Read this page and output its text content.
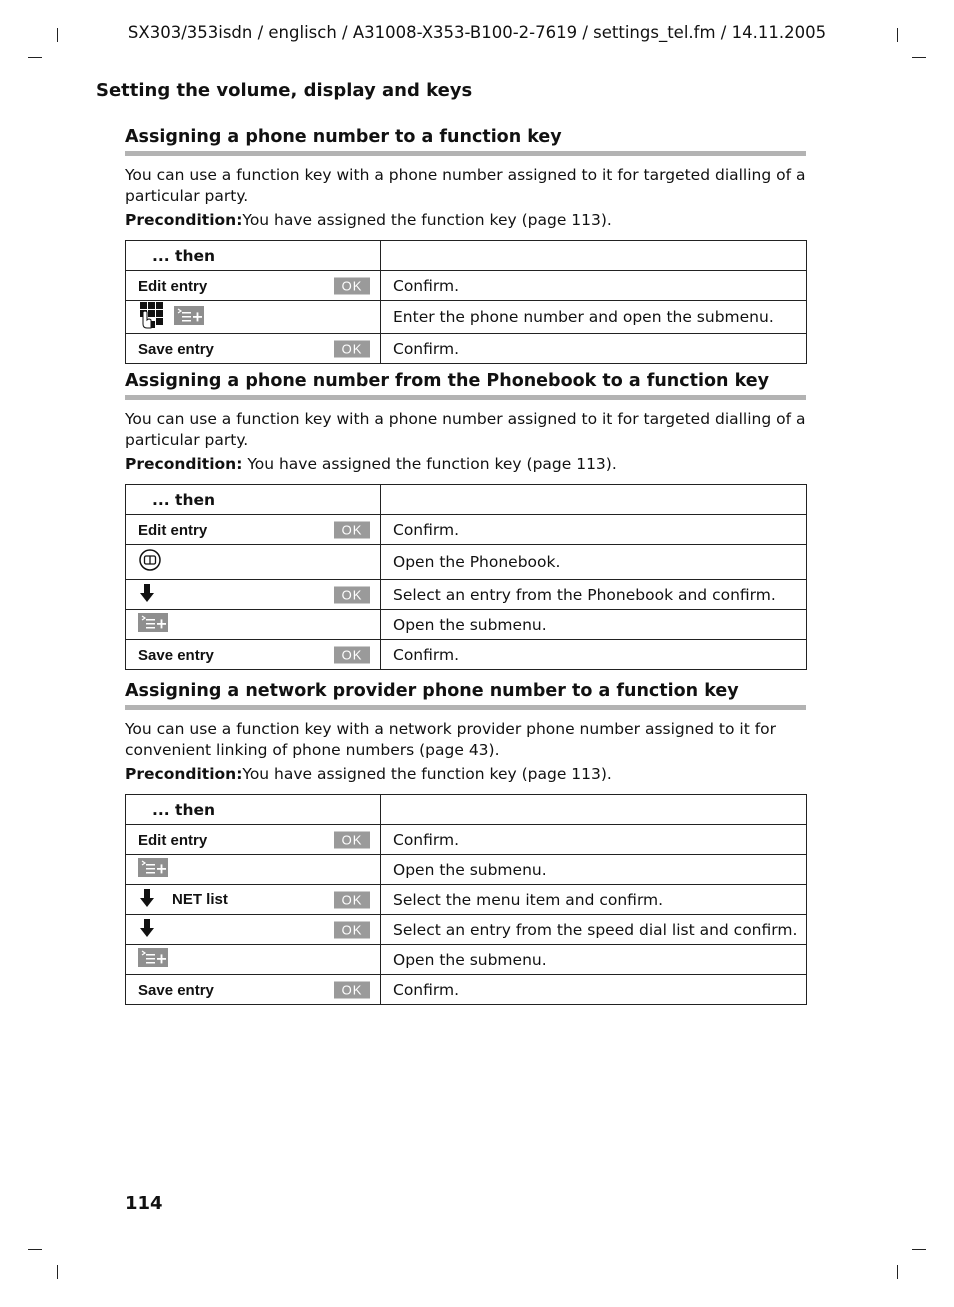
SX303/353isdn / englisch / A31008-X353-B100-2-7619 / settings_tel.fm / 14.11.2005
Setting the volume, display and keys
Assigning a phone number to a function key
You can use a function key with a phone number assigned to it for targeted dialling of a
particular party.
Precondition:You have assigned the function key (page 113).
... then	
Edit entry OK	Confirm.

	Enter the phone number and open the submenu.
Save entry OK	Confirm.
Assigning a phone number from the Phonebook to a function key
You can use a function key with a phone number assigned to it for targeted dialling of a
particular party.
Precondition: You have assigned the function key (page 113).
... then	
Edit entry OK	Confirm.

	Open the Phonebook.

OK	Select an entry from the Phonebook and confirm.

	Open the submenu.
Save entry OK	Confirm.
Assigning a network provider phone number to a function key
You can use a function key with a network provider phone number assigned to it for
convenient linking of phone numbers (page 43).
Precondition:You have assigned the function key (page 113).
... then	
Edit entry OK	Confirm.

	Open the submenu.

NET list OK	Select the menu item and confirm.

OK	Select an entry from the speed dial list and confirm.

	Open the submenu.
Save entry OK	Confirm.
114
